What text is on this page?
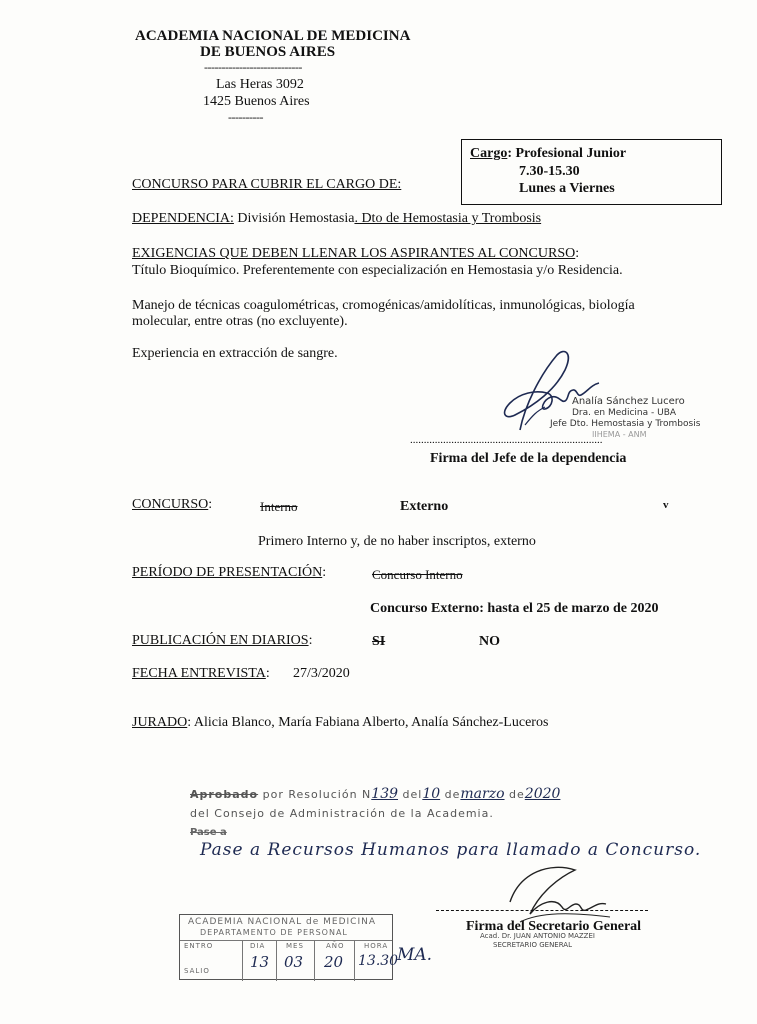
ACADEMIA NACIONAL DE MEDICINA
DE BUENOS AIRES
----------------------------
Las Heras 3092
1425 Buenos Aires
----------
Cargo: Profesional Junior
7.30-15.30
Lunes a Viernes
CONCURSO PARA CUBRIR EL CARGO DE:
DEPENDENCIA: División Hemostasia. Dto de Hemostasia y Trombosis
EXIGENCIAS QUE DEBEN LLENAR LOS ASPIRANTES AL CONCURSO:
Título Bioquímico. Preferentemente con especialización en Hemostasia y/o Residencia.
Manejo de técnicas coagulométricas, cromogénicas/amidolíticas, inmunológicas, biología
molecular, entre otras (no excluyente).
Experiencia en extracción de sangre.
Analía Sánchez Lucero
Dra. en Medicina - UBA
Jefe Dto. Hemostasia y Trombosis
IIHEMA - ANM
......................................................................
Firma del Jefe de la dependencia
CONCURSO:	Interno	Externo	v
Primero Interno y, de no haber inscriptos, externo
PERÍODO DE PRESENTACIÓN:	Concurso Interno
Concurso Externo: hasta el 25 de marzo de 2020
PUBLICACIÓN EN DIARIOS:	SI	NO
FECHA ENTREVISTA: 27/3/2020
JURADO: Alicia Blanco, María Fabiana Alberto, Analía Sánchez-Luceros
Aprobado por Resolución N139 del10 demarzo de2020
del Consejo de Administración de la Academia.
Pase a
Pase a Recursos Humanos para llamado a Concurso.
Firma del Secretario General
Acad. Dr. JUAN ANTONIO MAZZEI
SECRETARIO GENERAL
ACADEMIA NACIONAL de MEDICINA
DEPARTAMENTO DE PERSONAL
ENTRO
SALIO
DIA	MES	AÑO	HORA
13 03 20 13.30
MA.
